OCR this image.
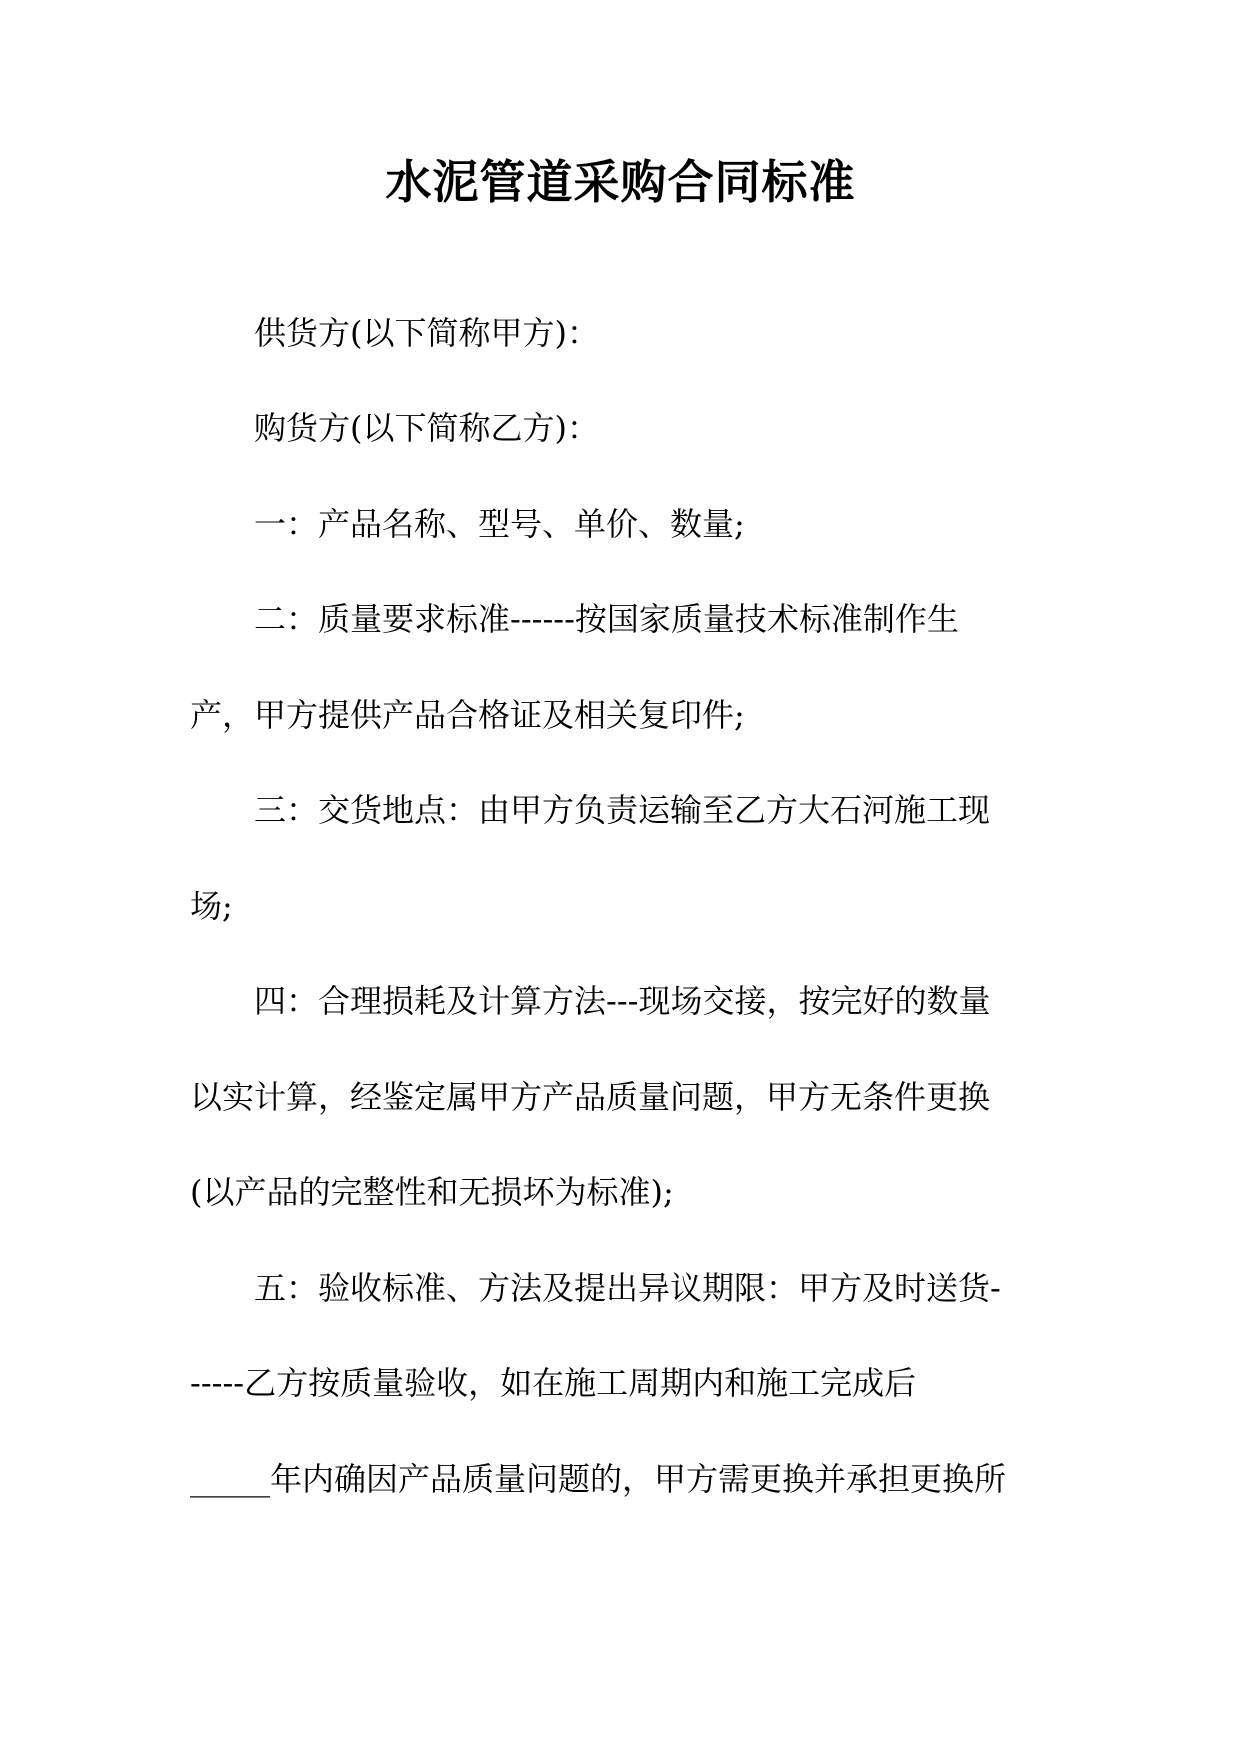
水泥管道采购合同标准

供货方(以下简称甲方)：

购货方(以下简称乙方)：

一：产品名称、型号、单价、数量;

二：质量要求标准------按国家质量技术标准制作生

产，甲方提供产品合格证及相关复印件;

三：交货地点：由甲方负责运输至乙方大石河施工现

场;

四：合理损耗及计算方法---现场交接，按完好的数量

以实计算，经鉴定属甲方产品质量问题，甲方无条件更换

(以产品的完整性和无损坏为标准);

五：验收标准、方法及提出异议期限：甲方及时送货-

-----乙方按质量验收，如在施工周期内和施工完成后

_____年内确因产品质量问题的，甲方需更换并承担更换所
